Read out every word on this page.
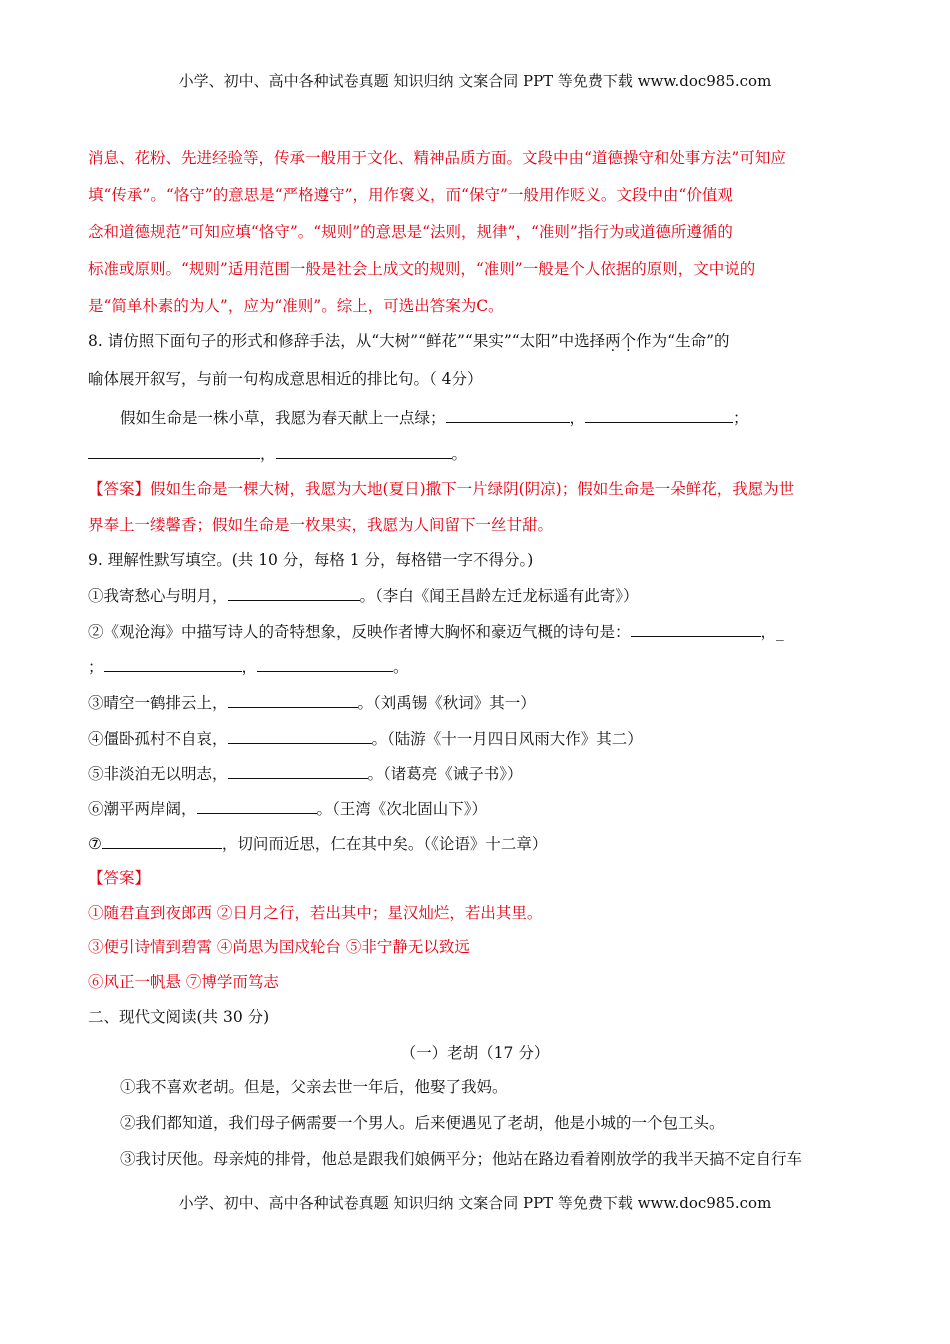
小学、初中、高中各种试卷真题 知识归纳 文案合同 PPT 等免费下载 www.doc985.com
消息、花粉、先进经验等，传承一般用于文化、精神品质方面。文段中由“道德操守和处事方法”可知应
填“传承”。“恪守”的意思是“严格遵守”，用作褒义，而“保守”一般用作贬义。文段中由“价值观
念和道德规范”可知应填“恪守”。“规则”的意思是“法则，规律”，“准则”指行为或道德所遵循的
标准或原则。“规则”适用范围一般是社会上成文的规则，“准则”一般是个人依据的原则，文中说的
是“简单朴素的为人”，应为“准则”。综上，可选出答案为C。
8. 请仿照下面句子的形式和修辞手法，从“大树”“鲜花”“果实”“太阳”中选择两个作为“生命”的
喻体展开叙写，与前一句构成意思相近的排比句。（ 4分）
假如生命是一株小草，我愿为春天献上一点绿；	，	；
，	。
【答案】假如生命是一棵大树，我愿为大地(夏日)撒下一片绿阴(阴凉)；假如生命是一朵鲜花，我愿为世
界奉上一缕馨香；假如生命是一枚果实，我愿为人间留下一丝甘甜。
9. 理解性默写填空。(共 10 分，每格 1 分，每格错一字不得分。)
①我寄愁心与明月，	。（李白《闻王昌龄左迁龙标遥有此寄》）
②《观沧海》中描写诗人的奇特想象，反映作者博大胸怀和豪迈气概的诗句是：	，_
；	，	。
③晴空一鹤排云上，	。（刘禹锡《秋词》其一）
④僵卧孤村不自哀，	。（陆游《十一月四日风雨大作》其二）
⑤非淡泊无以明志，	。（诸葛亮《诫子书》）
⑥潮平两岸阔，	。（王湾《次北固山下》）
⑦	，切问而近思，仁在其中矣。（《论语》十二章）
【答案】
①随君直到夜郎西 ②日月之行，若出其中；星汉灿烂，若出其里。
③便引诗情到碧霄 ④尚思为国戍轮台 ⑤非宁静无以致远
⑥风正一帆悬 ⑦博学而笃志
二、现代文阅读(共 30 分)
（一）老胡（17 分）
①我不喜欢老胡。但是，父亲去世一年后，他娶了我妈。
②我们都知道，我们母子俩需要一个男人。后来便遇见了老胡，他是小城的一个包工头。
③我讨厌他。母亲炖的排骨，他总是跟我们娘俩平分；他站在路边看着刚放学的我半天搞不定自行车
小学、初中、高中各种试卷真题 知识归纳 文案合同 PPT 等免费下载 www.doc985.com
